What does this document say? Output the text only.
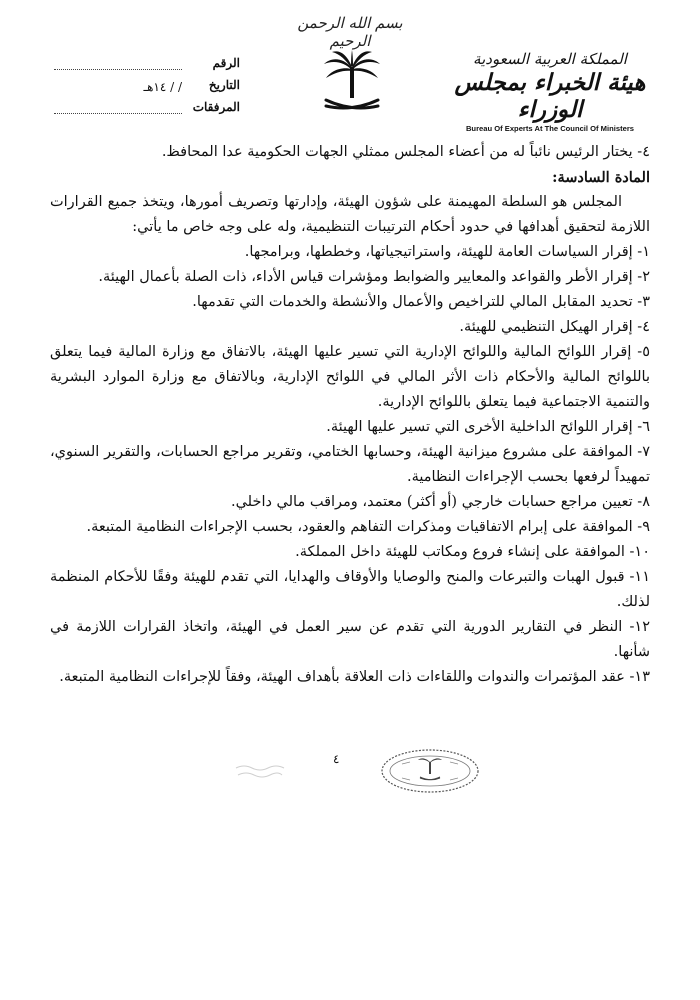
بسم الله الرحمن الرحيم
الرقم
التاريخ/ / ١٤هـ
المرفقات
المملكة العربية السعودية
هيئة الخبراء بمجلس الوزراء
Bureau Of Experts At The Council Of Ministers

٤- يختار الرئيس نائباً له من أعضاء المجلس ممثلي الجهات الحكومية عدا المحافظ.

المادة السادسة:

المجلس هو السلطة المهيمنة على شؤون الهيئة، وإدارتها وتصريف أمورها، ويتخذ جميع القرارات اللازمة لتحقيق أهدافها في حدود أحكام الترتيبات التنظيمية، وله على وجه خاص ما يأتي:

١- إقرار السياسات العامة للهيئة، واستراتيجياتها، وخططها، وبرامجها.

٢- إقرار الأطر والقواعد والمعايير والضوابط ومؤشرات قياس الأداء، ذات الصلة بأعمال الهيئة.

٣- تحديد المقابل المالي للتراخيص والأعمال والأنشطة والخدمات التي تقدمها.

٤- إقرار الهيكل التنظيمي للهيئة.

٥- إقرار اللوائح المالية واللوائح الإدارية التي تسير عليها الهيئة، بالاتفاق مع وزارة المالية فيما يتعلق باللوائح المالية والأحكام ذات الأثر المالي في اللوائح الإدارية، وبالاتفاق مع وزارة الموارد البشرية والتنمية الاجتماعية فيما يتعلق باللوائح الإدارية.

٦- إقرار اللوائح الداخلية الأخرى التي تسير عليها الهيئة.

٧- الموافقة على مشروع ميزانية الهيئة، وحسابها الختامي، وتقرير مراجع الحسابات، والتقرير السنوي، تمهيداً لرفعها بحسب الإجراءات النظامية.

٨- تعيين مراجع حسابات خارجي (أو أكثر) معتمد، ومراقب مالي داخلي.

٩- الموافقة على إبرام الاتفاقيات ومذكرات التفاهم والعقود، بحسب الإجراءات النظامية المتبعة.

١٠- الموافقة على إنشاء فروع ومكاتب للهيئة داخل المملكة.

١١- قبول الهبات والتبرعات والمنح والوصايا والأوقاف والهدايا، التي تقدم للهيئة وفقًا للأحكام المنظمة لذلك.

١٢- النظر في التقارير الدورية التي تقدم عن سير العمل في الهيئة، واتخاذ القرارات اللازمة في شأنها.

١٣- عقد المؤتمرات والندوات واللقاءات ذات العلاقة بأهداف الهيئة، وفقاً للإجراءات النظامية المتبعة.

٤
